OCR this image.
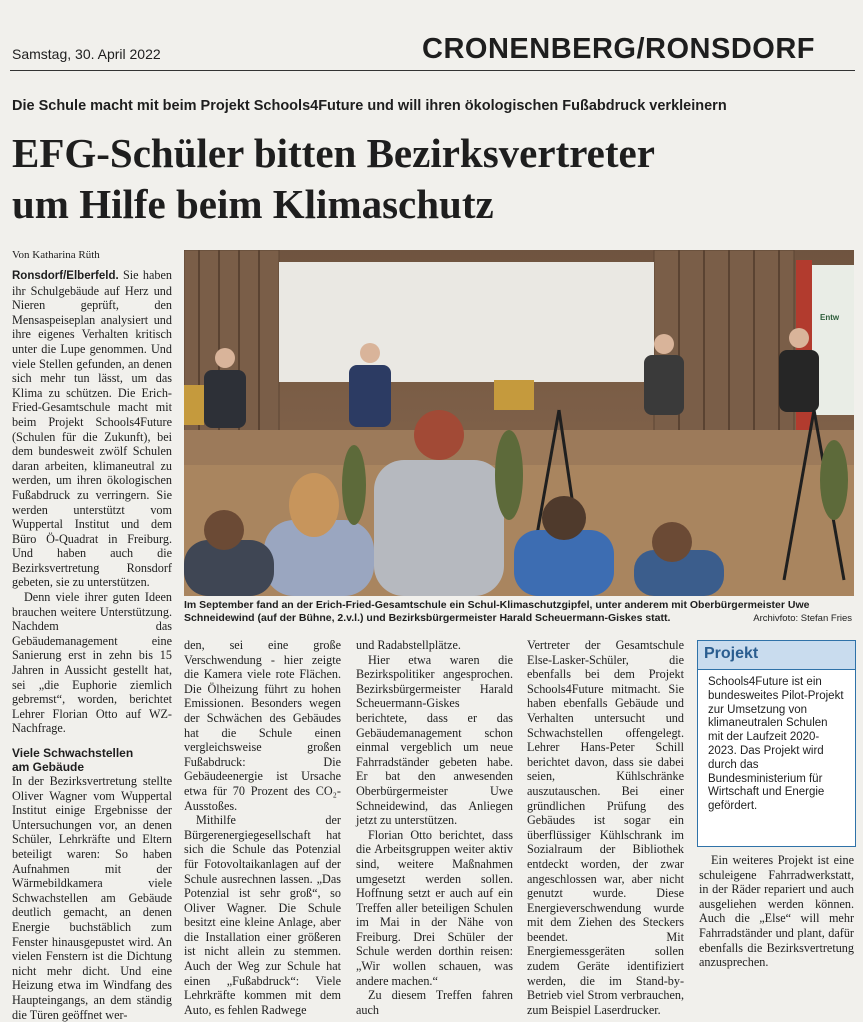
Samstag, 30. April 2022	CRONENBERG/RONSDORF
Die Schule macht mit beim Projekt Schools4Future und will ihren ökologischen Fußabdruck verkleinern
EFG-Schüler bitten Bezirksvertreter
um Hilfe beim Klimaschutz
Von Katharina Rüth

Ronsdorf/Elberfeld. Sie haben ihr Schulgebäude auf Herz und Nieren geprüft, den Mensaspeiseplan analysiert und ihre eigenes Verhalten kritisch unter die Lupe genommen. Und viele Stellen gefunden, an denen sich mehr tun lässt, um das Klima zu schützen. Die Erich-Fried-Gesamtschule macht mit beim Projekt Schools4Future (Schulen für die Zukunft), bei dem bundesweit zwölf Schulen daran arbeiten, klimaneutral zu werden, um ihren ökologischen Fußabdruck zu verringern. Sie werden unterstützt vom Wuppertal Institut und dem Büro Ö-Quadrat in Freiburg. Und haben auch die Bezirksvertretung Ronsdorf gebeten, sie zu unterstützen.

Denn viele ihrer guten Ideen brauchen weitere Unterstützung. Nachdem das Gebäudemanagement eine Sanierung erst in zehn bis 15 Jahren in Aussicht gestellt hat, sei „die Euphorie ziemlich gebremst“, worden, berichtet Lehrer Florian Otto auf WZ-Nachfrage.

Viele Schwachstellen
am Gebäude

In der Bezirksvertretung stellte Oliver Wagner vom Wuppertal Institut einige Ergebnisse der Untersuchungen vor, an denen Schüler, Lehrkräfte und Eltern beteiligt waren: So haben Aufnahmen mit der Wärmebildkamera viele Schwachstellen am Gebäude deutlich gemacht, an denen Energie buchstäblich zum Fenster hinausgepustet wird. An vielen Fenstern ist die Dichtung nicht mehr dicht. Und eine Heizung etwa im Windfang des Haupteingangs, an dem ständig die Türen geöffnet wer-

Entw
Im September fand an der Erich-Fried-Gesamtschule ein Schul-Klimaschutzgipfel, unter anderem mit Oberbürgermeister Uwe Schneidewind (auf der Bühne, 2.v.l.) und Bezirksbürgermeister Harald Scheuermann-Giskes statt.	Archivfoto: Stefan Fries

den, sei eine große Verschwendung - hier zeigte die Kamera viele rote Flächen. Die Ölheizung führt zu hohen Emissionen. Besonders wegen der Schwächen des Gebäudes hat die Schule einen vergleichsweise großen Fußabdruck: Die Gebäudeenergie ist Ursache etwa für 70 Prozent des CO₂-Ausstoßes.

Mithilfe der Bürgerenergiegesellschaft hat sich die Schule das Potenzial für Fotovoltaikanlagen auf der Schule ausrechnen lassen. „Das Potenzial ist sehr groß“, so Oliver Wagner. Die Schule besitzt eine kleine Anlage, aber die Installation einer größeren ist nicht allein zu stemmen. Auch der Weg zur Schule hat einen „Fußabdruck“: Viele Lehrkräfte kommen mit dem Auto, es fehlen Radwege

und Radabstellplätze.

Hier etwa waren die Bezirkspolitiker angesprochen. Bezirksbürgermeister Harald Scheuermann-Giskes berichtete, dass er das Gebäudemanagement schon einmal vergeblich um neue Fahrradständer gebeten habe. Er bat den anwesenden Oberbürgermeister Uwe Schneidewind, das Anliegen jetzt zu unterstützen.

Florian Otto berichtet, dass die Arbeitsgruppen weiter aktiv sind, weitere Maßnahmen umgesetzt werden sollen. Hoffnung setzt er auch auf ein Treffen aller beteiligen Schulen im Mai in der Nähe von Freiburg. Drei Schüler der Schule werden dorthin reisen: „Wir wollen schauen, was andere machen.“

Zu diesem Treffen fahren auch

Vertreter der Gesamtschule Else-Lasker-Schüler, die ebenfalls bei dem Projekt Schools4Future mitmacht. Sie haben ebenfalls Gebäude und Verhalten untersucht und Schwachstellen offengelegt. Lehrer Hans-Peter Schill berichtet davon, dass sie dabei seien, Kühlschränke auszutauschen. Bei einer gründlichen Prüfung des Gebäudes ist sogar ein überflüssiger Kühlschrank im Sozialraum der Bibliothek entdeckt worden, der zwar angeschlossen war, aber nicht genutzt wurde. Diese Energieverschwendung wurde mit dem Ziehen des Steckers beendet. Mit Energiemessgeräten sollen zudem Geräte identifiziert werden, die im Stand-by-Betrieb viel Strom verbrauchen, zum Beispiel Laserdrucker.

Projekt
Schools4Future ist ein bundesweites Pilot-Projekt zur Umsetzung von klimaneutralen Schulen mit der Laufzeit 2020-2023. Das Projekt wird durch das Bundesministerium für Wirtschaft und Energie gefördert.

Ein weiteres Projekt ist eine schuleigene Fahrradwerkstatt, in der Räder repariert und auch ausgeliehen werden können. Auch die „Else“ will mehr Fahrradständer und plant, dafür ebenfalls die Bezirksvertretung anzusprechen.
